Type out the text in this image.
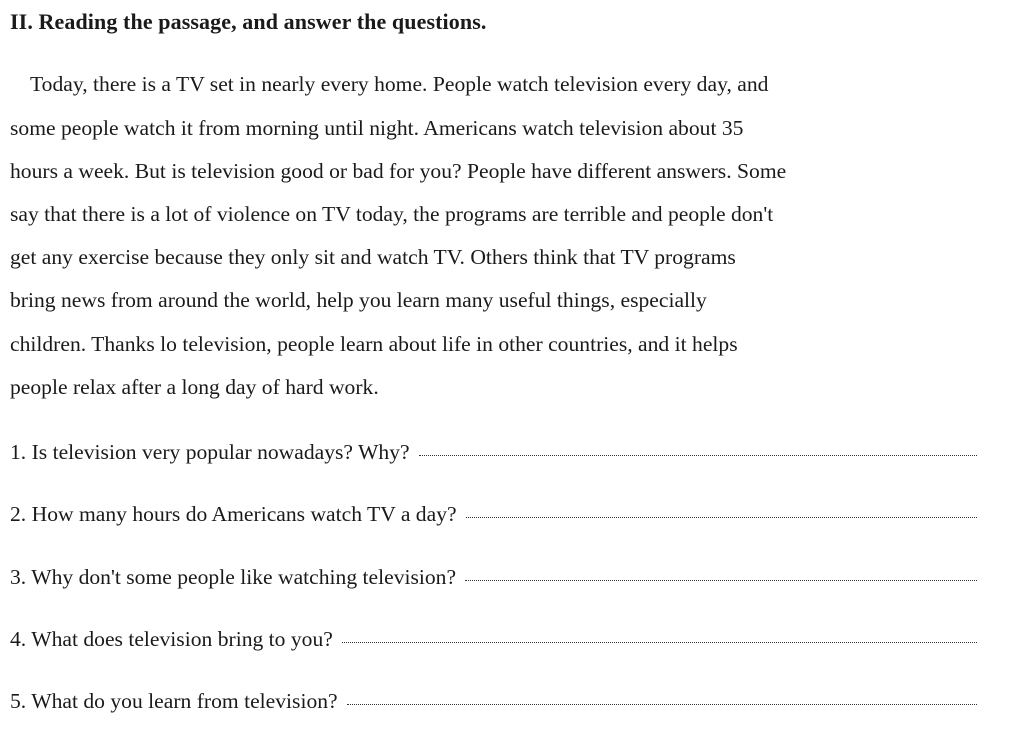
II. Reading the passage, and answer the questions.
Today, there is a TV set in nearly every home. People watch television every day, and
some people watch it from morning until night. Americans watch television about 35
hours a week. But is television good or bad for you? People have different answers. Some
say that there is a lot of violence on TV today, the programs are terrible and people don't
get any exercise because they only sit and watch TV. Others think that TV programs
bring news from around the world, help you learn many useful things, especially
children. Thanks lo television, people learn about life in other countries, and it helps
people relax after a long day of hard work.
1. Is television very popular nowadays? Why?
2. How many hours do Americans watch TV a day?
3. Why don't some people like watching television?
4. What does television bring to you?
5. What do you learn from television?
